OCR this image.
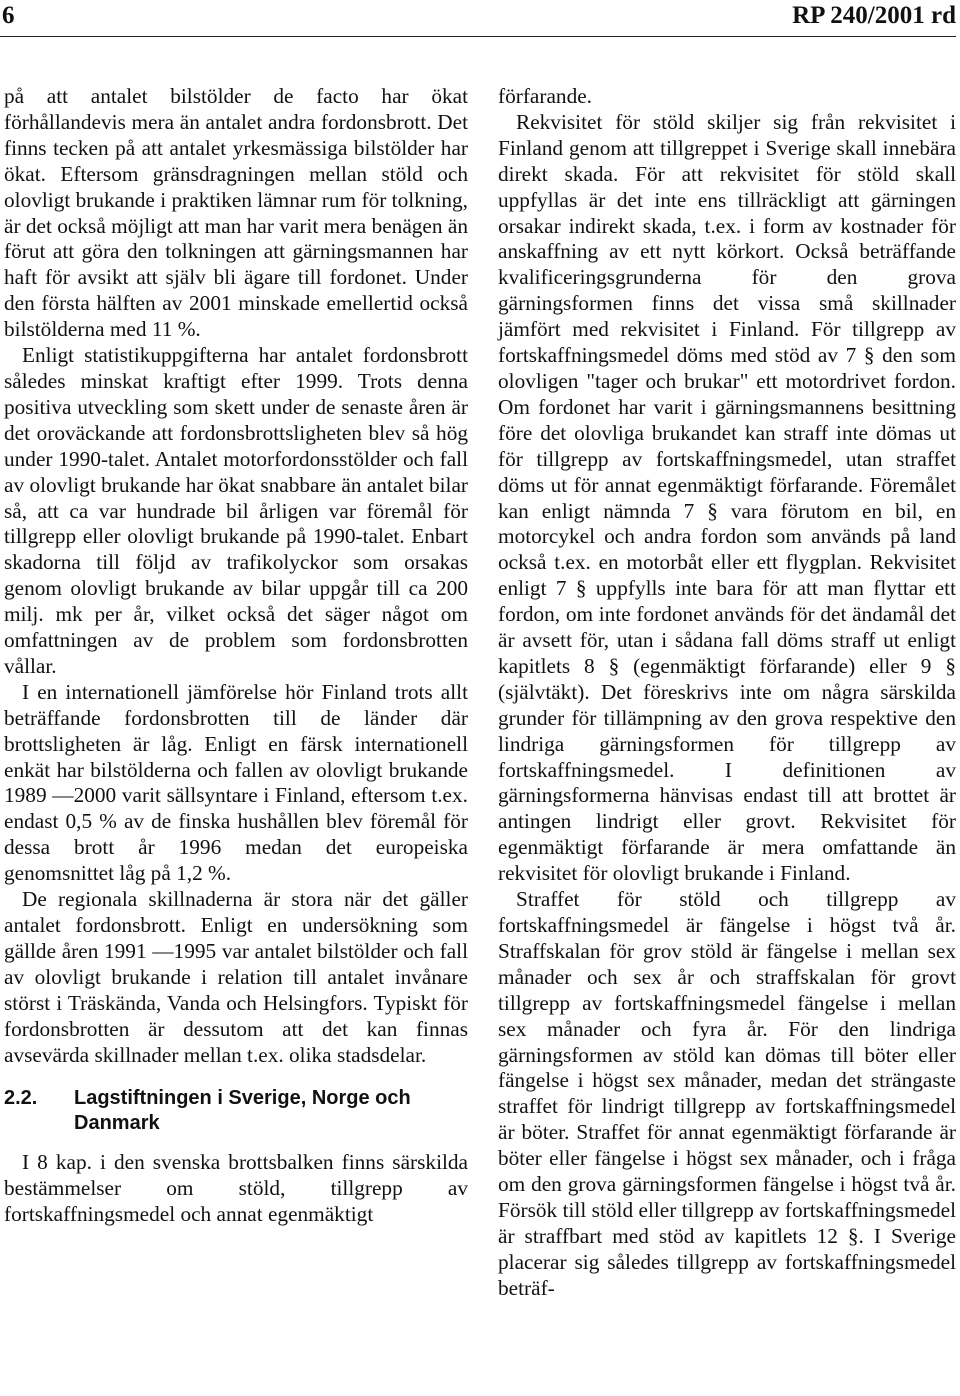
6	RP 240/2001 rd

på att antalet bilstölder de facto har ökat förhållandevis mera än antalet andra fordonsbrott. Det finns tecken på att antalet yrkesmässiga bilstölder har ökat. Eftersom gränsdragningen mellan stöld och olovligt brukande i praktiken lämnar rum för tolkning, är det också möjligt att man har varit mera benägen än förut att göra den tolkningen att gärningsmannen har haft för avsikt att själv bli ägare till fordonet. Under den första hälften av 2001 minskade emellertid också bilstölderna med 11 %.

Enligt statistikuppgifterna har antalet fordonsbrott således minskat kraftigt efter 1999. Trots denna positiva utveckling som skett under de senaste åren är det oroväckande att fordonsbrottsligheten blev så hög under 1990-talet. Antalet motorfordonsstölder och fall av olovligt brukande har ökat snabbare än antalet bilar så, att ca var hundrade bil årligen var föremål för tillgrepp eller olovligt brukande på 1990-talet. Enbart skadorna till följd av trafikolyckor som orsakas genom olovligt brukande av bilar uppgår till ca 200 milj. mk per år, vilket också det säger något om omfattningen av de problem som fordonsbrotten vållar.

I en internationell jämförelse hör Finland trots allt beträffande fordonsbrotten till de länder där brottsligheten är låg. Enligt en färsk internationell enkät har bilstölderna och fallen av olovligt brukande 1989 —2000 varit sällsyntare i Finland, eftersom t.ex. endast 0,5 % av de finska hushållen blev föremål för dessa brott år 1996 medan det europeiska genomsnittet låg på 1,2 %.

De regionala skillnaderna är stora när det gäller antalet fordonsbrott. Enligt en undersökning som gällde åren 1991 —1995 var antalet bilstölder och fall av olovligt brukande i relation till antalet invånare störst i Träskända, Vanda och Helsingfors. Typiskt för fordonsbrotten är dessutom att det kan finnas avsevärda skillnader mellan t.ex. olika stadsdelar.

2.2.	Lagstiftningen i Sverige, Norge och Danmark

I 8 kap. i den svenska brottsbalken finns särskilda bestämmelser om stöld, tillgrepp av fortskaffningsmedel och annat egenmäktigt

förfarande.

Rekvisitet för stöld skiljer sig från rekvisitet i Finland genom att tillgreppet i Sverige skall innebära direkt skada. För att rekvisitet för stöld skall uppfyllas är det inte ens tillräckligt att gärningen orsakar indirekt skada, t.ex. i form av kostnader för anskaffning av ett nytt körkort. Också beträffande kvalificeringsgrunderna för den grova gärningsformen finns det vissa små skillnader jämfört med rekvisitet i Finland. För tillgrepp av fortskaffningsmedel döms med stöd av 7 § den som olovligen "tager och brukar" ett motordrivet fordon. Om fordonet har varit i gärningsmannens besittning före det olovliga brukandet kan straff inte dömas ut för tillgrepp av fortskaffningsmedel, utan straffet döms ut för annat egenmäktigt förfarande. Föremålet kan enligt nämnda 7 § vara förutom en bil, en motorcykel och andra fordon som används på land också t.ex. en motorbåt eller ett flygplan. Rekvisitet enligt 7 § uppfylls inte bara för att man flyttar ett fordon, om inte fordonet används för det ändamål det är avsett för, utan i sådana fall döms straff ut enligt kapitlets 8 § (egenmäktigt förfarande) eller 9 § (självtäkt). Det föreskrivs inte om några särskilda grunder för tillämpning av den grova respektive den lindriga gärningsformen för tillgrepp av fortskaffningsmedel. I definitionen av gärningsformerna hänvisas endast till att brottet är antingen lindrigt eller grovt. Rekvisitet för egenmäktigt förfarande är mera omfattande än rekvisitet för olovligt brukande i Finland.

Straffet för stöld och tillgrepp av fortskaffningsmedel är fängelse i högst två år. Straffskalan för grov stöld är fängelse i mellan sex månader och sex år och straffskalan för grovt tillgrepp av fortskaffningsmedel fängelse i mellan sex månader och fyra år. För den lindriga gärningsformen av stöld kan dömas till böter eller fängelse i högst sex månader, medan det strängaste straffet för lindrigt tillgrepp av fortskaffningsmedel är böter. Straffet för annat egenmäktigt förfarande är böter eller fängelse i högst sex månader, och i fråga om den grova gärningsformen fängelse i högst två år. Försök till stöld eller tillgrepp av fortskaffningsmedel är straffbart med stöd av kapitlets 12 §. I Sverige placerar sig således tillgrepp av fortskaffningsmedel beträf-
